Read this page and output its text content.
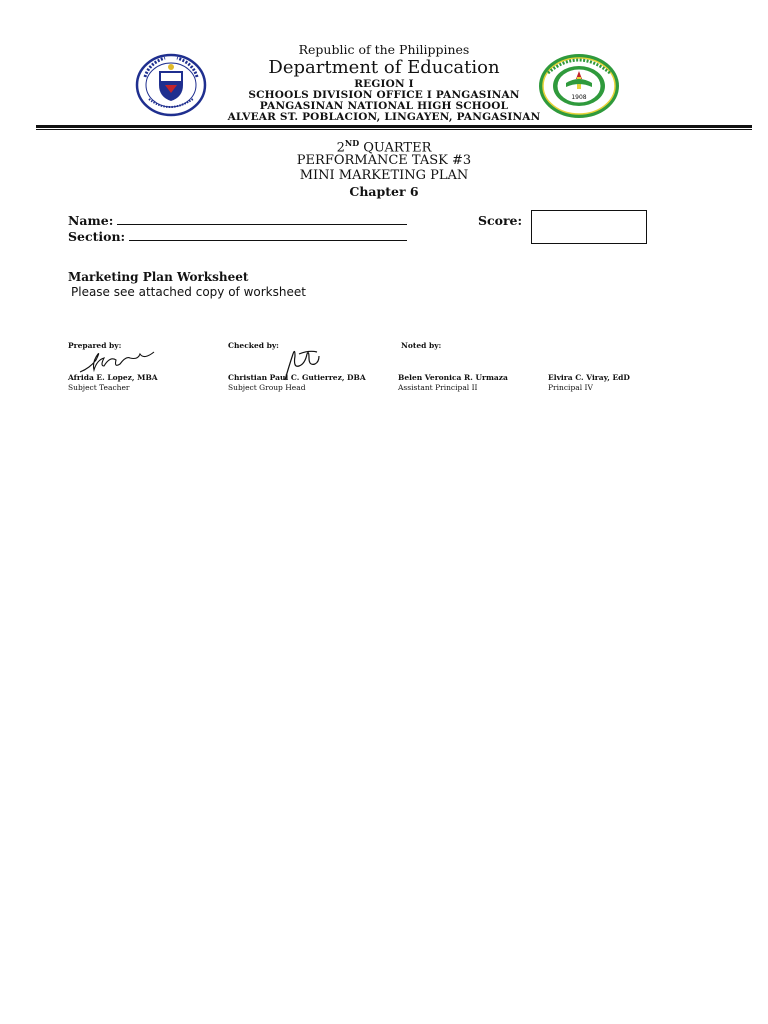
1908
Republic of the Philippines
Department of Education
REGION I
SCHOOLS DIVISION OFFICE I PANGASINAN
PANGASINAN NATIONAL HIGH SCHOOL
ALVEAR ST. POBLACION, LINGAYEN, PANGASINAN
2ND QUARTER
PERFORMANCE TASK #3
MINI MARKETING PLAN
Chapter 6
Name:
Section:
Score:
Marketing Plan Worksheet
Please see attached copy of worksheet
Prepared by:	Checked by:	Noted by:
Afrida E. Lopez, MBA
Subject Teacher
Christian Paul C. Gutierrez, DBA
Subject Group Head
Belen Veronica R. Urmaza
Assistant Principal II
Elvira C. Viray, EdD
Principal IV
